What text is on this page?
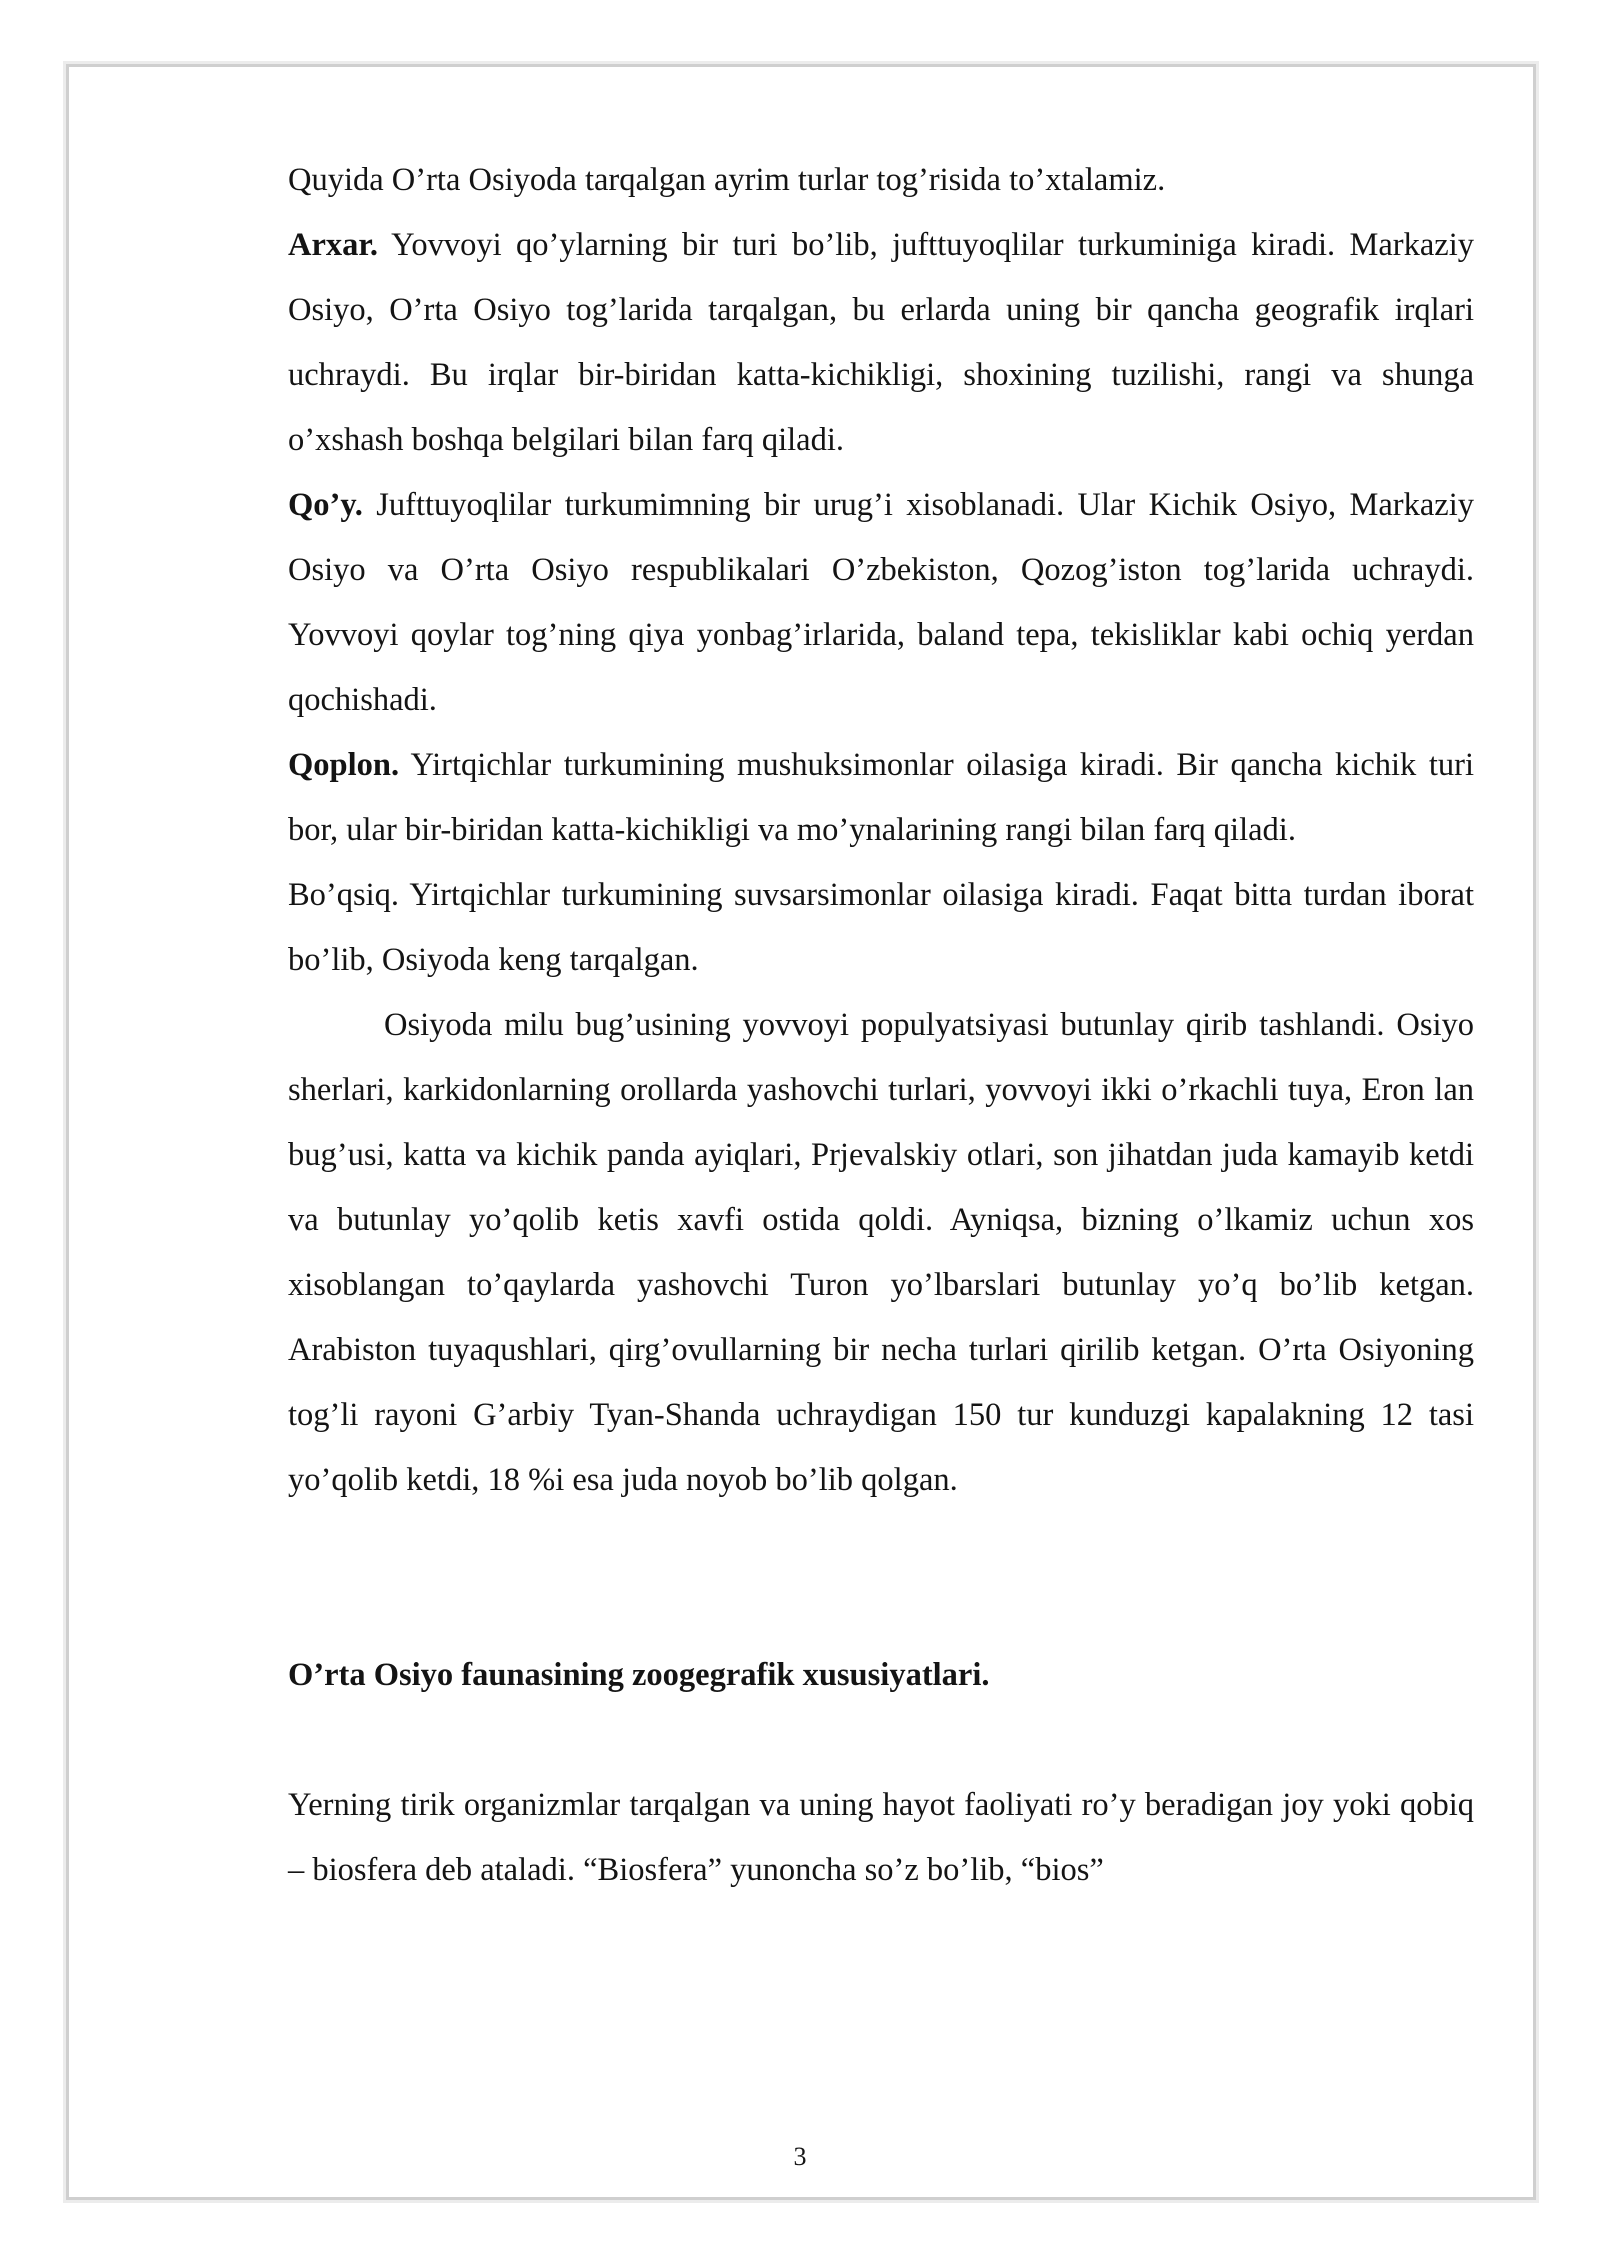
Quyida O’rta Osiyoda tarqalgan ayrim turlar tog’risida to’xtalamiz.

Arxar. Yovvoyi qo’ylarning bir turi bo’lib, jufttuyoqlilar turkuminiga kiradi. Markaziy Osiyo, O’rta Osiyo tog’larida tarqalgan, bu erlarda uning bir qancha geografik irqlari uchraydi. Bu irqlar bir-biridan katta-kichikligi, shoxining tuzilishi, rangi va shunga o’xshash boshqa belgilari bilan farq qiladi.

Qo’y. Jufttuyoqlilar turkumimning bir urug’i xisoblanadi. Ular Kichik Osiyo, Markaziy Osiyo va O’rta Osiyo respublikalari O’zbekiston, Qozog’iston tog’larida uchraydi. Yovvoyi qoylar tog’ning qiya yonbag’irlarida, baland tepa, tekisliklar kabi ochiq yerdan qochishadi.

Qoplon. Yirtqichlar turkumining mushuksimonlar oilasiga kiradi. Bir qancha kichik turi bor, ular bir-biridan katta-kichikligi va mo’ynalarining rangi bilan farq qiladi.

Bo’qsiq. Yirtqichlar turkumining suvsarsimonlar oilasiga kiradi. Faqat bitta turdan iborat bo’lib, Osiyoda keng tarqalgan.

Osiyoda milu bug’usining yovvoyi populyatsiyasi butunlay qirib tashlandi. Osiyo sherlari, karkidonlarning orollarda yashovchi turlari, yovvoyi ikki o’rkachli tuya, Eron lan bug’usi, katta va kichik panda ayiqlari, Prjevalskiy otlari, son jihatdan juda kamayib ketdi va butunlay yo’qolib ketis xavfi ostida qoldi. Ayniqsa, bizning o’lkamiz uchun xos xisoblangan to’qaylarda yashovchi Turon yo’lbarslari butunlay yo’q bo’lib ketgan. Arabiston tuyaqushlari, qirg’ovullarning bir necha turlari qirilib ketgan. O’rta Osiyoning tog’li rayoni G’arbiy Tyan-Shanda uchraydigan 150 tur kunduzgi kapalakning 12 tasi yo’qolib ketdi, 18 %i esa juda noyob bo’lib qolgan.

O’rta Osiyo faunasining zoogegrafik xususiyatlari.

Yerning tirik organizmlar tarqalgan va uning hayot faoliyati ro’y beradigan joy yoki qobiq – biosfera deb ataladi. “Biosfera” yunoncha so’z bo’lib, “bios”

3
